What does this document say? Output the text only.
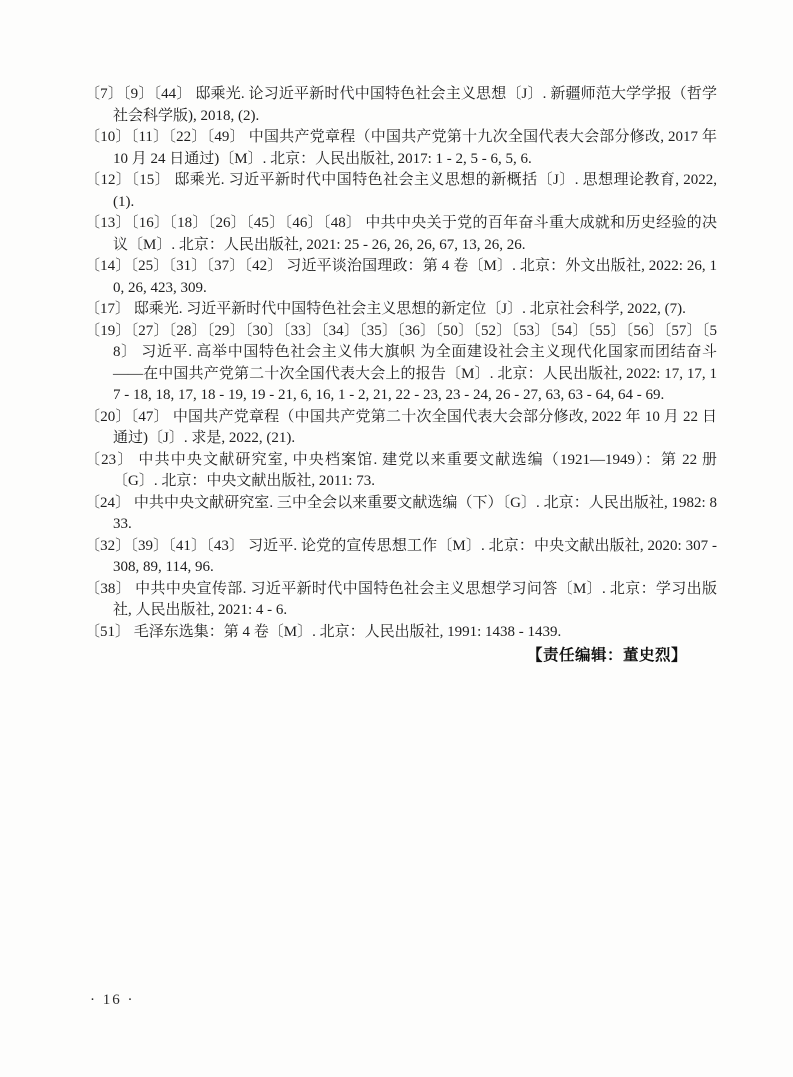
〔7〕〔9〕〔44〕 邸乘光. 论习近平新时代中国特色社会主义思想〔J〕. 新疆师范大学学报（哲学社会科学版), 2018, (2).

〔10〕〔11〕〔22〕〔49〕 中国共产党章程（中国共产党第十九次全国代表大会部分修改, 2017 年 10 月 24 日通过)〔M〕. 北京：人民出版社, 2017: 1 - 2, 5 - 6, 5, 6.

〔12〕〔15〕 邸乘光. 习近平新时代中国特色社会主义思想的新概括〔J〕. 思想理论教育, 2022, (1).

〔13〕〔16〕〔18〕〔26〕〔45〕〔46〕〔48〕 中共中央关于党的百年奋斗重大成就和历史经验的决议〔M〕. 北京：人民出版社, 2021: 25 - 26, 26, 26, 67, 13, 26, 26.

〔14〕〔25〕〔31〕〔37〕〔42〕 习近平谈治国理政：第 4 卷〔M〕. 北京：外文出版社, 2022: 26, 10, 26, 423, 309.

〔17〕 邸乘光. 习近平新时代中国特色社会主义思想的新定位〔J〕. 北京社会科学, 2022, (7).

〔19〕〔27〕〔28〕〔29〕〔30〕〔33〕〔34〕〔35〕〔36〕〔50〕〔52〕〔53〕〔54〕〔55〕〔56〕〔57〕〔58〕 习近平. 高举中国特色社会主义伟大旗帜 为全面建设社会主义现代化国家而团结奋斗——在中国共产党第二十次全国代表大会上的报告〔M〕. 北京：人民出版社, 2022: 17, 17, 17 - 18, 18, 17, 18 - 19, 19 - 21, 6, 16, 1 - 2, 21, 22 - 23, 23 - 24, 26 - 27, 63, 63 - 64, 64 - 69.

〔20〕〔47〕 中国共产党章程（中国共产党第二十次全国代表大会部分修改, 2022 年 10 月 22 日通过)〔J〕. 求是, 2022, (21).

〔23〕 中共中央文献研究室, 中央档案馆. 建党以来重要文献选编（1921—1949）：第 22 册〔G〕. 北京：中央文献出版社, 2011: 73.

〔24〕 中共中央文献研究室. 三中全会以来重要文献选编（下）〔G〕. 北京：人民出版社, 1982: 833.

〔32〕〔39〕〔41〕〔43〕 习近平. 论党的宣传思想工作〔M〕. 北京：中央文献出版社, 2020: 307 - 308, 89, 114, 96.

〔38〕 中共中央宣传部. 习近平新时代中国特色社会主义思想学习问答〔M〕. 北京：学习出版社, 人民出版社, 2021: 4 - 6.

〔51〕 毛泽东选集：第 4 卷〔M〕. 北京：人民出版社, 1991: 1438 - 1439.

【责任编辑：董史烈】
· 16 ·
